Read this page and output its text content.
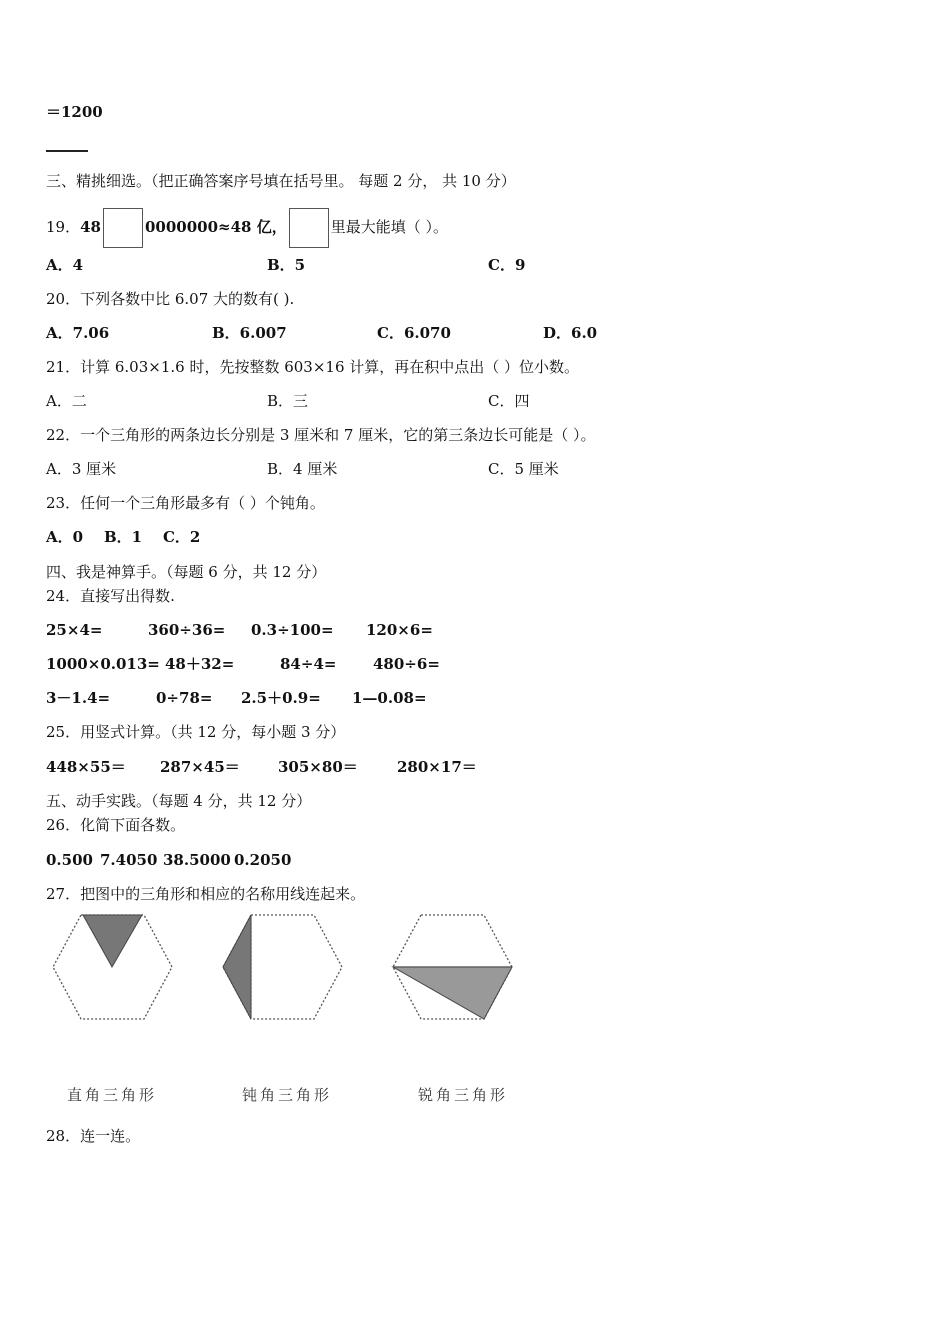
＝1200
三、精挑细选。（把正确答案序号填在括号里。 每题 2 分， 共 10 分）
19．48	0000000≈48 亿，	里最大能填（ ）。
A．4	B．5	C．9
20．下列各数中比 6.07 大的数有( ).
A．7.06	B．6.007	C．6.070	D．6.0
21．计算 6.03×1.6 时，先按整数 603×16 计算，再在积中点出（ ）位小数。
A．二	B．三	C．四
22．一个三角形的两条边长分别是 3 厘米和 7 厘米，它的第三条边长可能是（ ）。
A．3 厘米	B．4 厘米	C．5 厘米
23．任何一个三角形最多有（ ）个钝角。
A．0    B．1    C．2
四、我是神算手。（每题 6 分，共 12 分）
24．直接写出得数.
25×4=	360÷36= 0.3÷100= 120×6=
1000×0.013= 48＋32=	84÷4= 480÷6=
3－1.4=	0÷78= 2.5＋0.9= 1—0.08=
25．用竖式计算。（共 12 分，每小题 3 分）
448×55＝ 287×45＝	305×80＝	280×17＝
五、动手实践。（每题 4 分，共 12 分）
26．化简下面各数。
0.500 7.4050 38.5000 0.2050
27．把图中的三角形和相应的名称用线连起来。
直角三角形	钝角三角形	锐角三角形
28．连一连。
